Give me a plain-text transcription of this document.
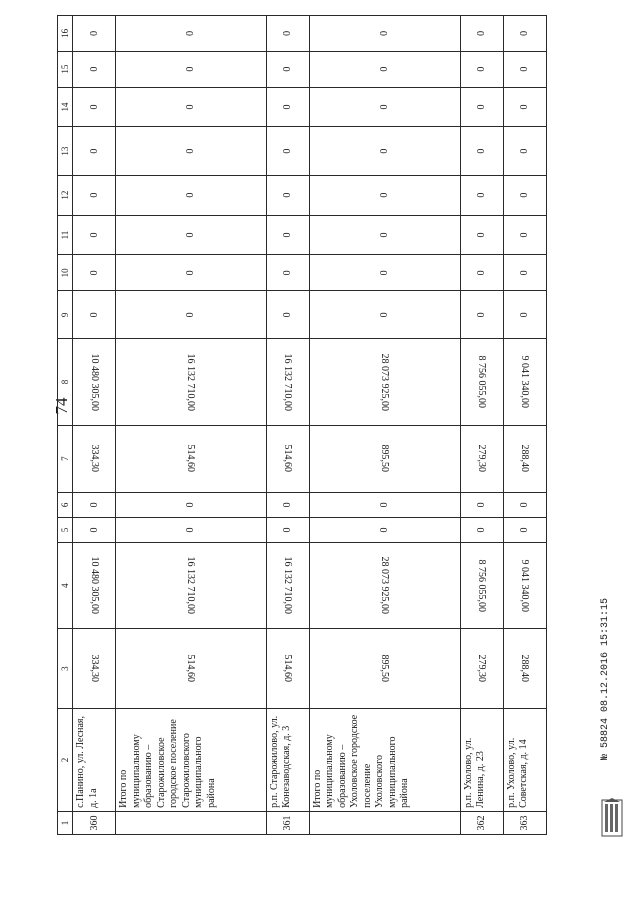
74
1	2	3	4	5	6	7	8	9	10	11	12	13	14	15	16
360	с.Панино, ул. Лесная, д. 1а	334,30	10 480 305,00	0	0	334,30	10 480 305,00	0	0	0	0	0	0	0	0
	Итого по муниципальному образованию – Старожиловское городское поселение Старожиловского муниципального района	514,60	16 132 710,00	0	0	514,60	16 132 710,00	0	0	0	0	0	0	0	0
361	р.п. Старожилово, ул. Конезаводская, д. 3	514,60	16 132 710,00	0	0	514,60	16 132 710,00	0	0	0	0	0	0	0	0
	Итого по муниципальному образованию – Ухоловское городское поселение Ухоловского муниципального района	895,50	28 073 925,00	0	0	895,50	28 073 925,00	0	0	0	0	0	0	0	0
362	р.п. Ухолово, ул. Ленина, д. 23	279,30	8 756 055,00	0	0	279,30	8 756 055,00	0	0	0	0	0	0	0	0
363	р.п. Ухолово, ул. Советская, д. 14	288,40	9 041 340,00	0	0	288,40	9 041 340,00	0	0	0	0	0	0	0	0
№ 58824 08.12.2016 15:31:15
